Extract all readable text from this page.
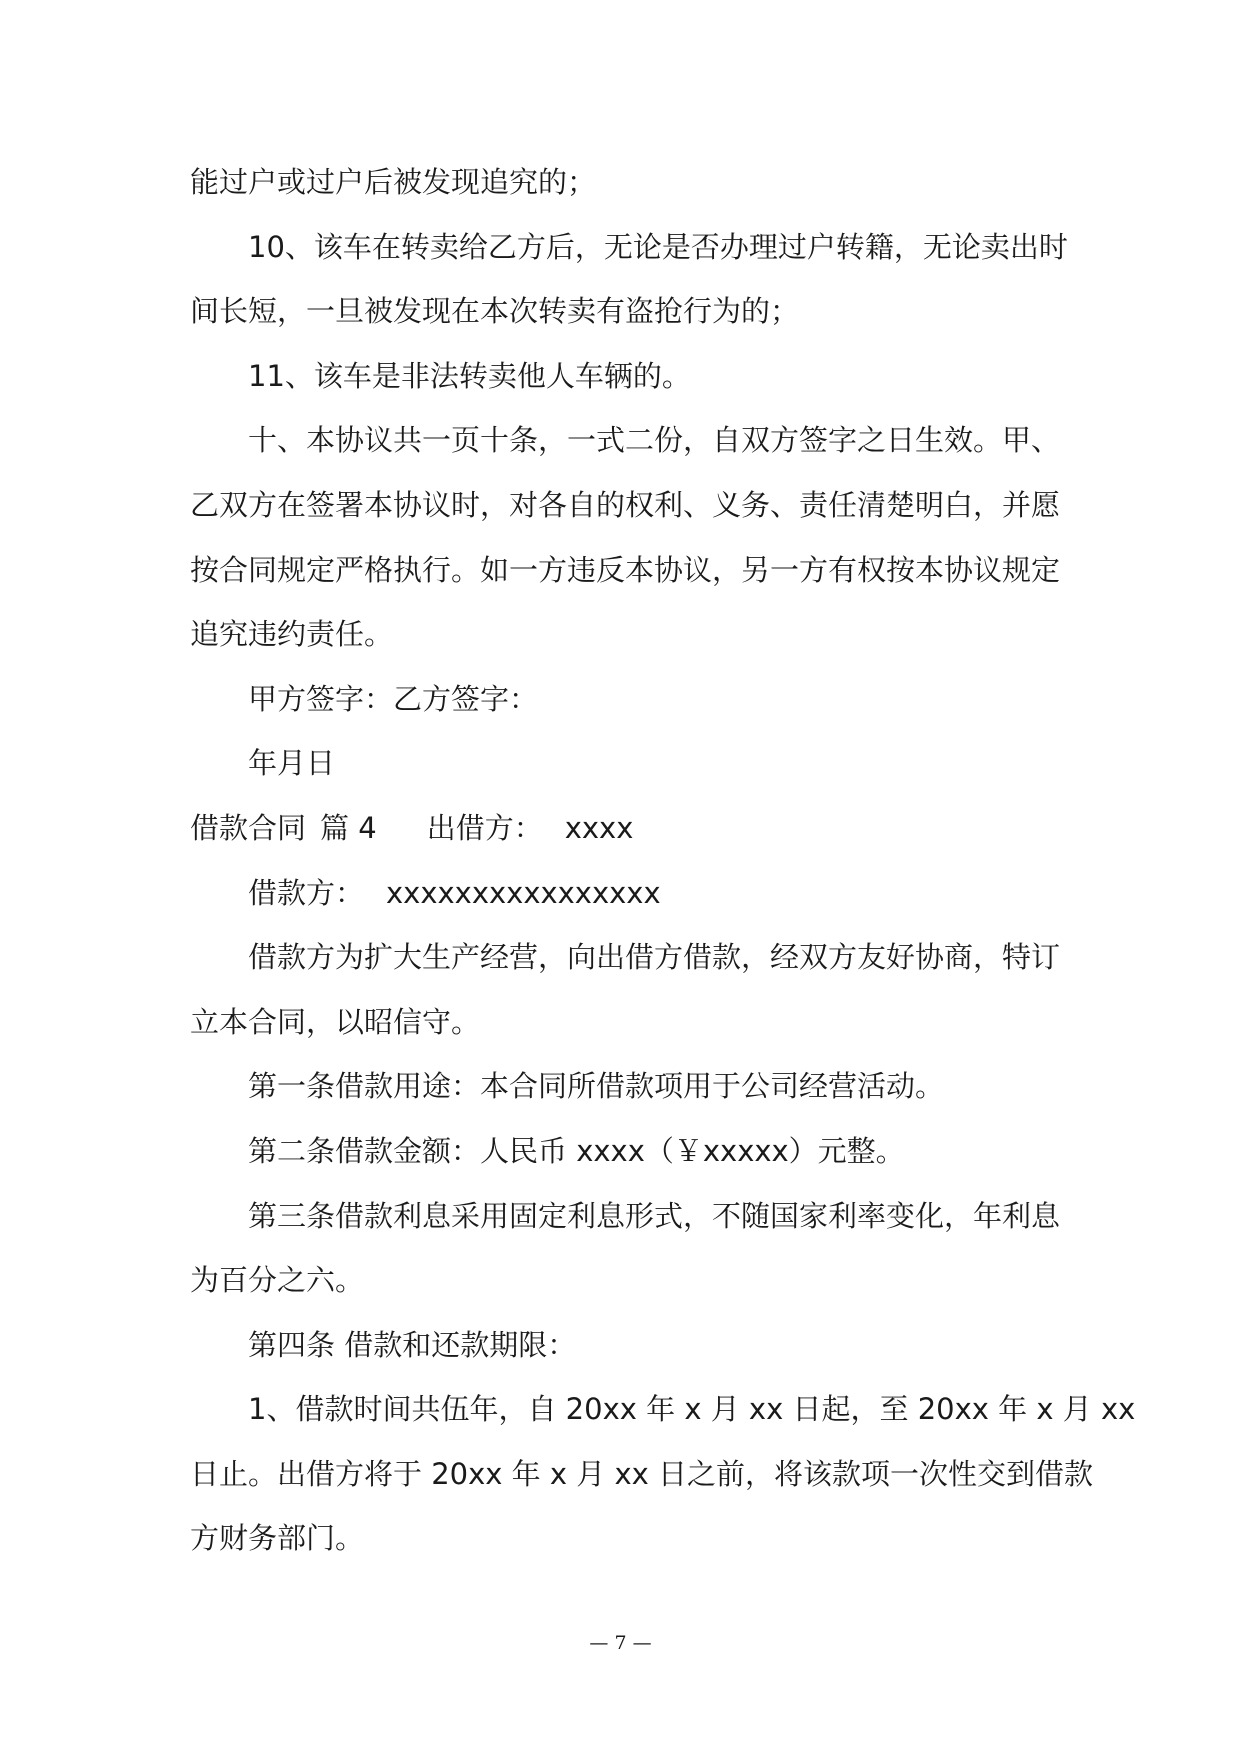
能过户或过户后被发现追究的；
10、该车在转卖给乙方后，无论是否办理过户转籍，无论卖出时
间长短，一旦被发现在本次转卖有盗抢行为的；
11、该车是非法转卖他人车辆的。
十、本协议共一页十条，一式二份，自双方签字之日生效。甲、
乙双方在签署本协议时，对各自的权利、义务、责任清楚明白，并愿
按合同规定严格执行。如一方违反本协议，另一方有权按本协议规定
追究违约责任。
甲方签字：乙方签字：
年月日
借款合同 篇 4 出借方： xxxx
借款方： xxxxxxxxxxxxxxxx
借款方为扩大生产经营，向出借方借款，经双方友好协商，特订
立本合同，以昭信守。
第一条借款用途：本合同所借款项用于公司经营活动。
第二条借款金额：人民币 xxxx（￥xxxxx）元整。
第三条借款利息采用固定利息形式，不随国家利率变化，年利息
为百分之六。
第四条 借款和还款期限：
1、借款时间共伍年，自 20xx 年 x 月 xx 日起，至 20xx 年 x 月 xx
日止。出借方将于 20xx 年 x 月 xx 日之前，将该款项一次性交到借款
方财务部门。
— 7 —
